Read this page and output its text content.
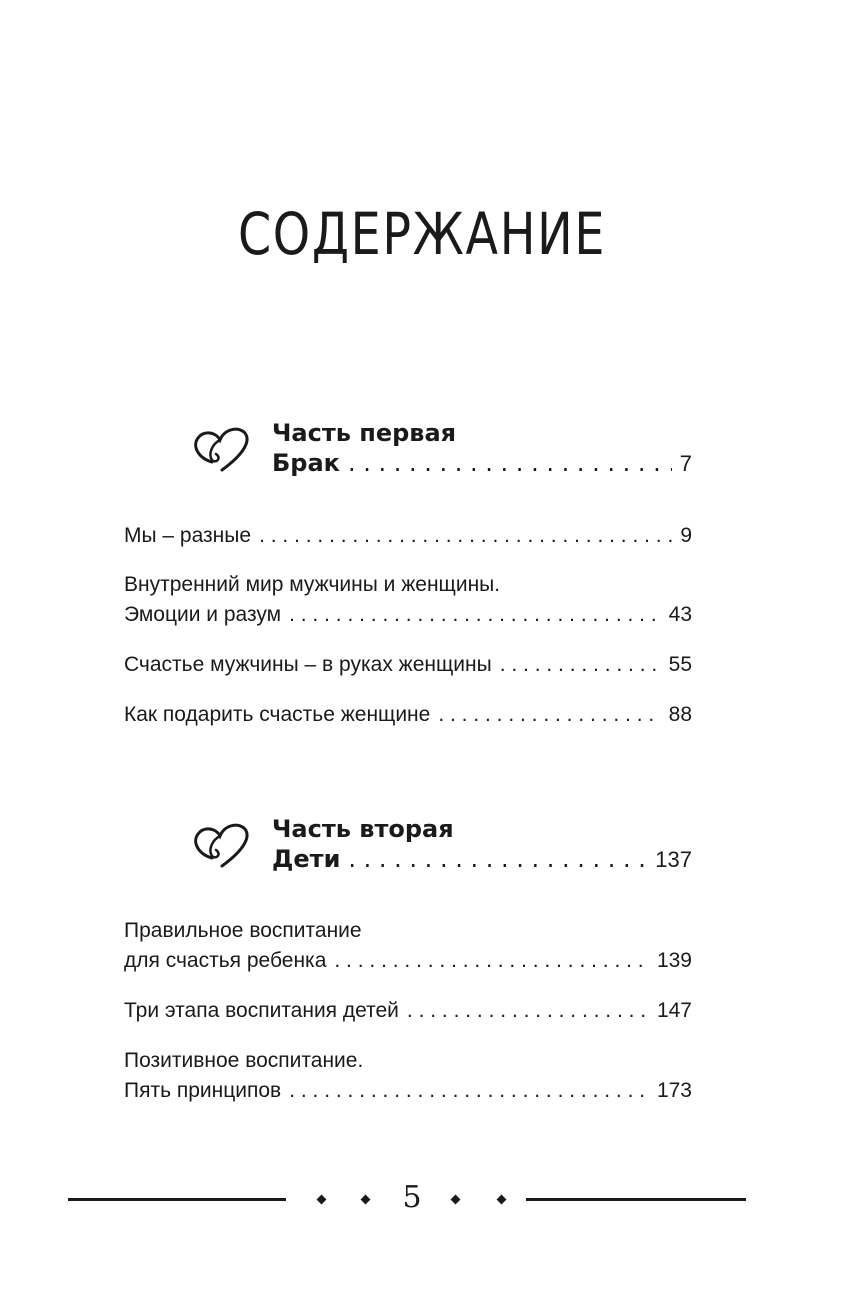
СОДЕРЖАНИЕ
Часть первая
Брак . . .	7
Мы – разные . . .	9
Внутренний мир мужчины и женщины.
Эмоции и разум . . .	43
Счастье мужчины – в руках женщины . . .	55
Как подарить счастье женщине . . .	88
Часть вторая
Дети . . .	137
Правильное воспитание
для счастья ребенка . . .	139
Три этапа воспитания детей . . .	147
Позитивное воспитание.
Пять принципов . . .	173
5
